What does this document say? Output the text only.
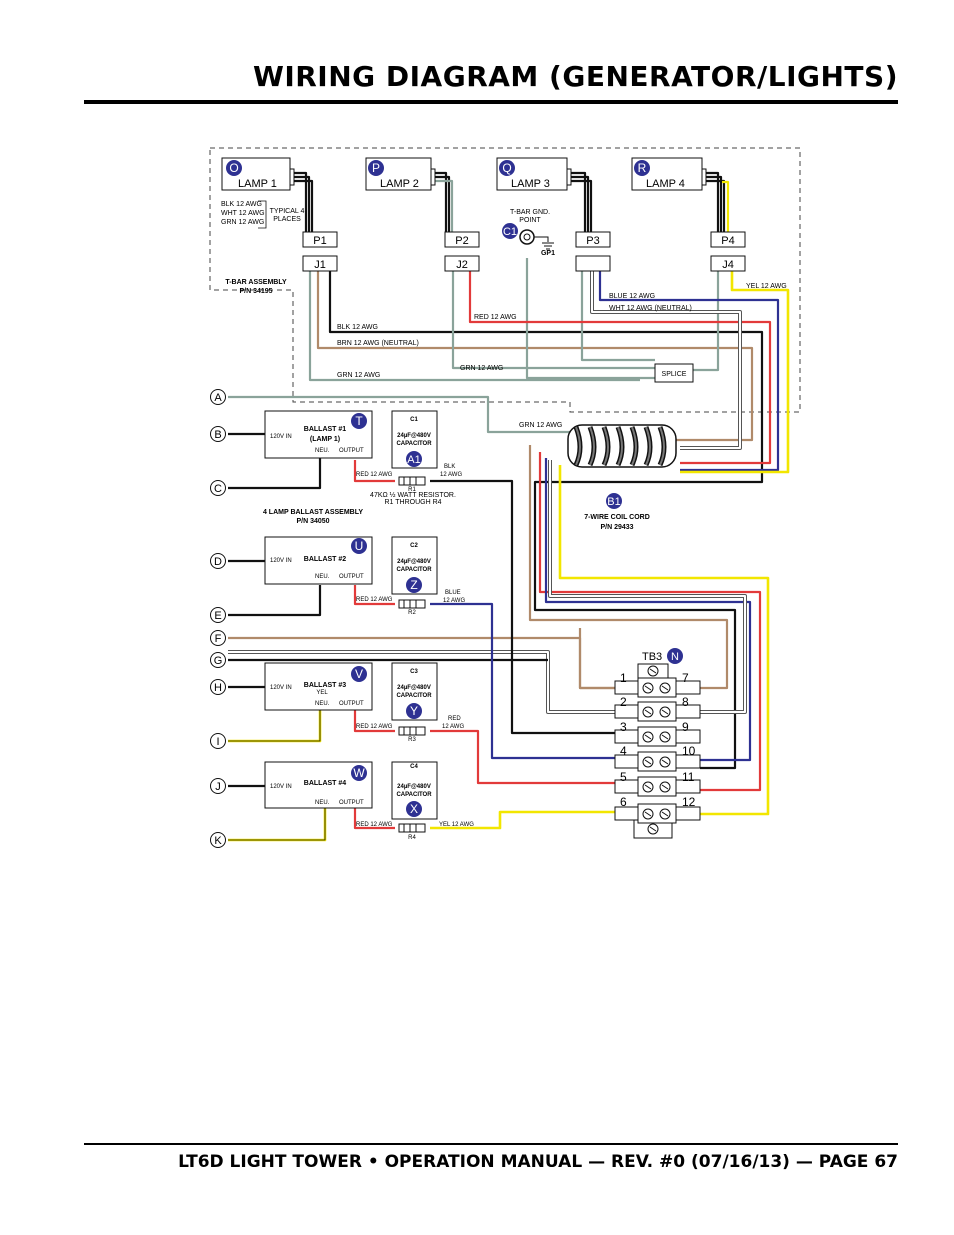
WIRING DIAGRAM (GENERATOR/LIGHTS)
O
LAMP 1
P
LAMP 2
Q
LAMP 3
R
LAMP 4
P1
J1
P2
J2
P3	P4
J4
BLK 12 AWG
WHT 12 AWG
GRN 12 AWG
TYPICAL 4
PLACES
T-BAR ASSEMBLY
P/N 34195
T-BAR GND.
POINT
C1
GP1
SPLICE
BLK 12 AWG
BRN 12 AWG (NEUTRAL)
GRN 12 AWG
GRN 12 AWG
GRN 12 AWG
RED 12 AWG
BLUE 12 AWG
WHT 12 AWG (NEUTRAL)
YEL 12 AWG
B1
7-WIRE COIL CORD
P/N 29433
T
BALLAST #1
(LAMP 1)
120V IN
NEU. OUTPUT
C1
24µF@480V
CAPACITOR
A1
RED 12 AWG
R1
BLK
12 AWG
47KΩ ½ WATT RESISTOR.
R1 THROUGH R4
4 LAMP BALLAST ASSEMBLY
P/N 34050
U
BALLAST #2
120V IN
NEU. OUTPUT
C2
24µF@480V
CAPACITOR
Z
RED 12 AWG
R2
BLUE
12 AWG
V
BALLAST #3
YEL
120V IN
NEU. OUTPUT
C3
24µF@480V
CAPACITOR
Y
RED 12 AWG
R3
RED
12 AWG
W
BALLAST #4
120V IN
NEU. OUTPUT
C4
24µF@480V
CAPACITOR
X
RED 12 AWG
R4
YEL 12 AWG
A
B
C
D
E
F
G
H
I
J
K
TB3 N
1	7
2	8
3	9
4	10
5	11
6	12
LT6D LIGHT TOWER • OPERATION MANUAL — REV. #0 (07/16/13) — PAGE 67
